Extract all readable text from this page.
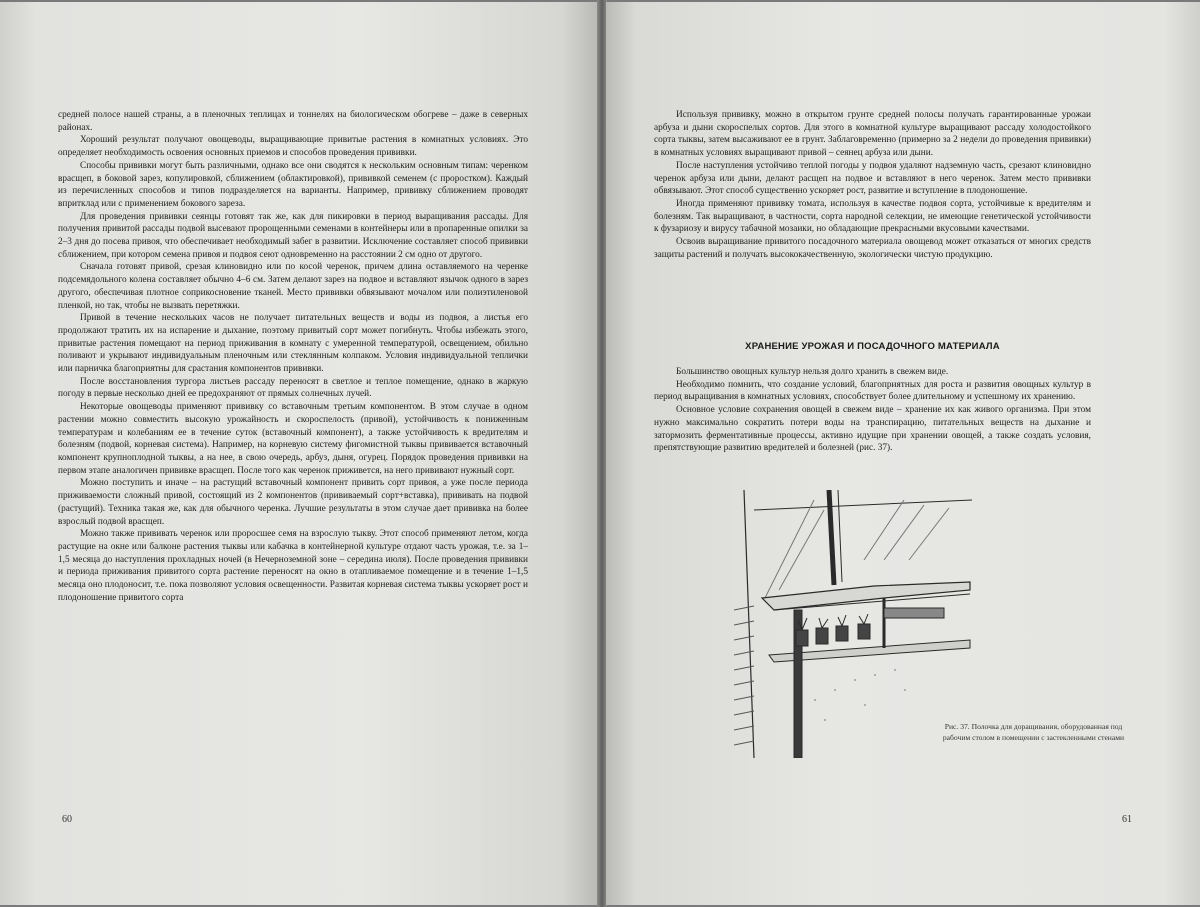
средней полосе нашей страны, а в пленочных теплицах и тоннелях на биологическом обогреве – даже в северных районах.

Хороший результат получают овощеводы, выращивающие привитые растения в комнатных условиях. Это определяет необходимость освоения основных приемов и способов проведения прививки.

Способы прививки могут быть различными, однако все они сводятся к нескольким основным типам: черенком врасщеп, в боковой зарез, копулировкой, сближением (облактировкой), прививкой семенем (с проростком). Каждый из перечисленных способов и типов подразделяется на варианты. Например, прививку сближением проводят впритклад или с применением бокового зареза.

Для проведения прививки сеянцы готовят так же, как для пикировки в период выращивания рассады. Для получения привитой рассады подвой высевают пророщенными семенами в контейнеры или в пропаренные опилки за 2–3 дня до посева привоя, что обеспечивает необходимый забег в развитии. Исключение составляет способ прививки сближением, при котором семена привоя и подвоя сеют одновременно на расстоянии 2 см одно от другого.

Сначала готовят привой, срезая клиновидно или по косой черенок, причем длина оставляемого на черенке подсемядольного колена составляет обычно 4–6 см. Затем делают зарез на подвое и вставляют язычок одного в зарез другого, обеспечивая плотное соприкосновение тканей. Место прививки обвязывают мочалом или полиэтиленовой пленкой, но так, чтобы не вызвать перетяжки.

Привой в течение нескольких часов не получает питательных веществ и воды из подвоя, а листья его продолжают тратить их на испарение и дыхание, поэтому привитый сорт может погибнуть. Чтобы избежать этого, привитые растения помещают на период приживания в комнату с умеренной температурой, освещением, обильно поливают и укрывают индивидуальным пленочным или стеклянным колпаком. Условия индивидуальной теплички или парничка благоприятны для срастания компонентов прививки.

После восстановления тургора листьев рассаду переносят в светлое и теплое помещение, однако в жаркую погоду в первые несколько дней ее предохраняют от прямых солнечных лучей.

Некоторые овощеводы применяют прививку со вставочным третьим компонентом. В этом случае в одном растении можно совместить высокую урожайность и скороспелость (привой), устойчивость к пониженным температурам и колебаниям ее в течение суток (вставочный компонент), а также устойчивость к вредителям и болезням (подвой, корневая система). Например, на корневую систему фигомистной тыквы прививается вставочный компонент крупноплодной тыквы, а на нее, в свою очередь, арбуз, дыня, огурец. Порядок проведения прививки на первом этапе аналогичен прививке врасщеп. После того как черенок приживется, на него прививают нужный сорт.

Можно поступить и иначе – на растущий вставочный компонент привить сорт привоя, а уже после периода приживаемости сложный привой, состоящий из 2 компонентов (прививаемый сорт+вставка), прививать на подвой (растущий). Техника такая же, как для обычного черенка. Лучшие результаты в этом случае дает прививка на более взрослый подвой врасщеп.

Можно также прививать черенок или проросшее семя на взрослую тыкву. Этот способ применяют летом, когда растущие на окне или балконе растения тыквы или кабачка в контейнерной культуре отдают часть урожая, т.е. за 1–1,5 месяца до наступления прохладных ночей (в Нечерноземной зоне – середина июля). После проведения прививки и периода приживания привитого сорта растение переносят на окно в отапливаемое помещение и в течение 1–1,5 месяца оно плодоносит, т.е. пока позволяют условия освещенности. Развитая корневая система тыквы ускоряет рост и плодоношение привитого сорта

60

Используя прививку, можно в открытом грунте средней полосы получать гарантированные урожаи арбуза и дыни скороспелых сортов. Для этого в комнатной культуре выращивают рассаду холодостойкого сорта тыквы, затем высаживают ее в грунт. Заблаговременно (примерно за 2 недели до проведения прививки) в комнатных условиях выращивают привой – сеянец арбуза или дыни.

После наступления устойчиво теплой погоды у подвоя удаляют надземную часть, срезают клиновидно черенок арбуза или дыни, делают расщеп на подвое и вставляют в него черенок. Затем место прививки обвязывают. Этот способ существенно ускоряет рост, развитие и вступление в плодоношение.

Иногда применяют прививку томата, используя в качестве подвоя сорта, устойчивые к вредителям и болезням. Так выращивают, в частности, сорта народной селекции, не имеющие генетической устойчивости к фузариозу и вирусу табачной мозаики, но обладающие прекрасными вкусовыми качествами.

Освоив выращивание привитого посадочного материала овощевод может отказаться от многих средств защиты растений и получать высококачественную, экологически чистую продукцию.

ХРАНЕНИЕ УРОЖАЯ И ПОСАДОЧНОГО МАТЕРИАЛА

Большинство овощных культур нельзя долго хранить в свежем виде.

Необходимо помнить, что создание условий, благоприятных для роста и развития овощных культур в период выращивания в комнатных условиях, способствует более длительному и успешному их хранению.

Основное условие сохранения овощей в свежем виде – хранение их как живого организма. При этом нужно максимально сократить потери воды на транспирацию, питательных веществ на дыхание и затормозить ферментативные процессы, активно идущие при хранении овощей, а также создать условия, препятствующие развитию вредителей и болезней (рис. 37).

Рис. 37. Полочка для доращивания, оборудованная под рабочим столом в помещении с застекленными стенами
61
